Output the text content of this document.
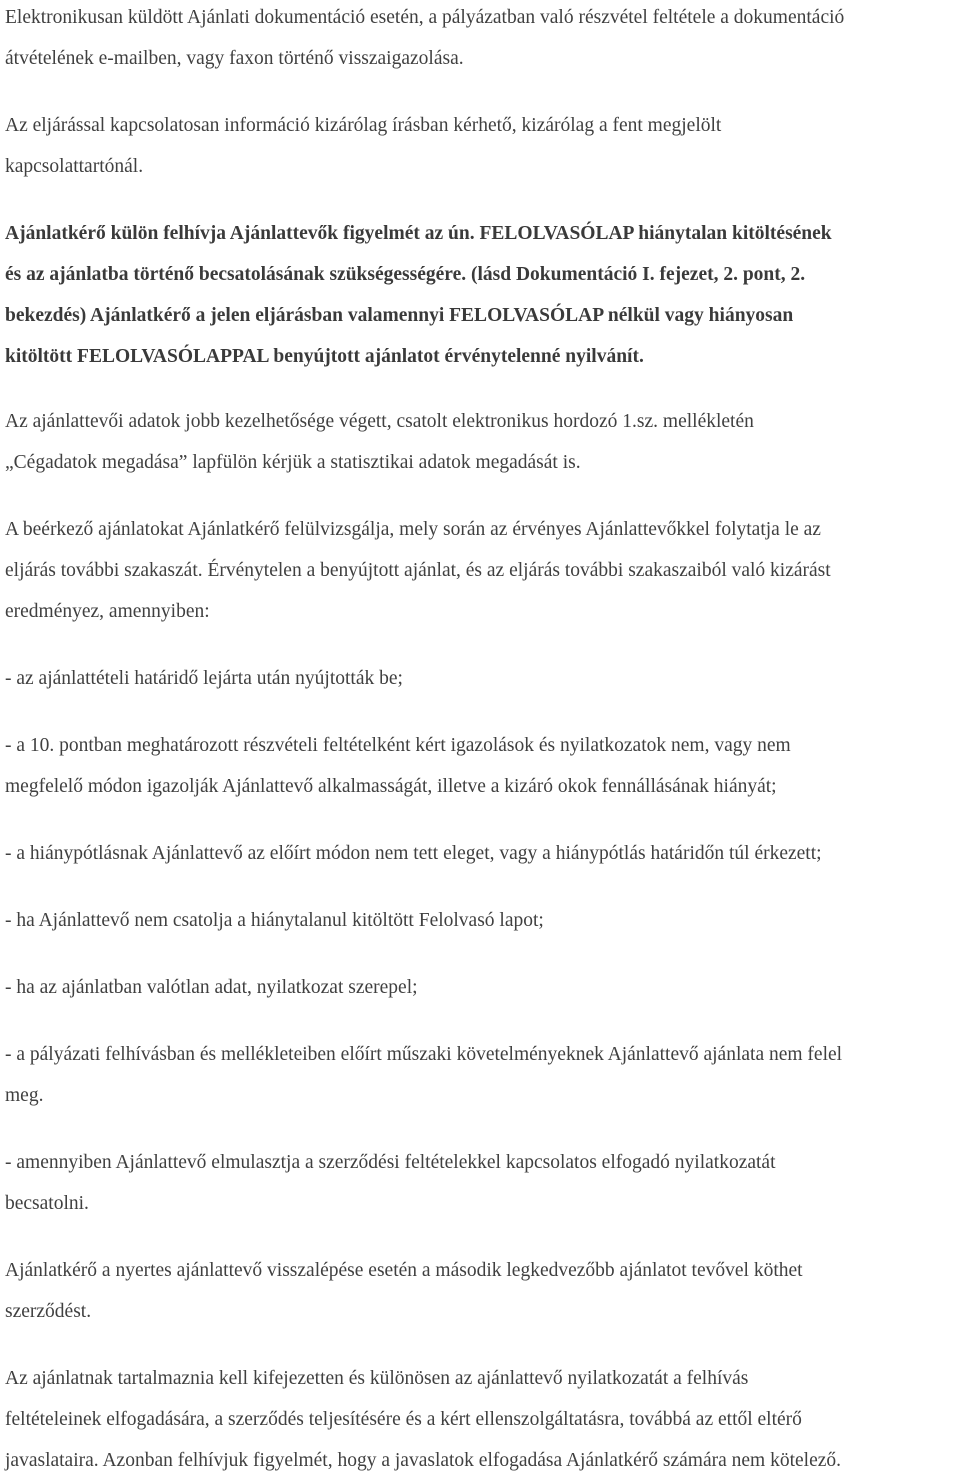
Elektronikusan küldött Ajánlati dokumentáció esetén, a pályázatban való részvétel feltétele a dokumentáció
átvételének e-mailben, vagy faxon történő visszaigazolása.

Az eljárással kapcsolatosan információ kizárólag írásban kérhető, kizárólag a fent megjelölt
kapcsolattartónál.

Ajánlatkérő külön felhívja Ajánlattevők figyelmét az ún. FELOLVASÓLAP hiánytalan kitöltésének
és az ajánlatba történő becsatolásának szükségességére. (lásd Dokumentáció I. fejezet, 2. pont, 2.
bekezdés) Ajánlatkérő a jelen eljárásban valamennyi FELOLVASÓLAP nélkül vagy hiányosan
kitöltött FELOLVASÓLAPPAL benyújtott ajánlatot érvénytelenné nyilvánít.

Az ajánlattevői adatok jobb kezelhetősége végett, csatolt elektronikus hordozó 1.sz. mellékletén
„Cégadatok megadása” lapfülön kérjük a statisztikai adatok megadását is.

A beérkező ajánlatokat Ajánlatkérő felülvizsgálja, mely során az érvényes Ajánlattevőkkel folytatja le az
eljárás további szakaszát. Érvénytelen a benyújtott ajánlat, és az eljárás további szakaszaiból való kizárást
eredményez, amennyiben:

- az ajánlattételi határidő lejárta után nyújtották be;

- a 10. pontban meghatározott részvételi feltételként kért igazolások és nyilatkozatok nem, vagy nem
megfelelő módon igazolják Ajánlattevő alkalmasságát, illetve a kizáró okok fennállásának hiányát;

- a hiánypótlásnak Ajánlattevő az előírt módon nem tett eleget, vagy a hiánypótlás határidőn túl érkezett;

- ha Ajánlattevő nem csatolja a hiánytalanul kitöltött Felolvasó lapot;

- ha az ajánlatban valótlan adat, nyilatkozat szerepel;

- a pályázati felhívásban és mellékleteiben előírt műszaki követelményeknek Ajánlattevő ajánlata nem felel
meg.

- amennyiben Ajánlattevő elmulasztja a szerződési feltételekkel kapcsolatos elfogadó nyilatkozatát
becsatolni.

Ajánlatkérő a nyertes ajánlattevő visszalépése esetén a második legkedvezőbb ajánlatot tevővel köthet
szerződést.

Az ajánlatnak tartalmaznia kell kifejezetten és különösen az ajánlattevő nyilatkozatát a felhívás
feltételeinek elfogadására, a szerződés teljesítésére és a kért ellenszolgáltatásra, továbbá az ettől eltérő
javaslataira. Azonban felhívjuk figyelmét, hogy a javaslatok elfogadása Ajánlatkérő számára nem kötelező.
